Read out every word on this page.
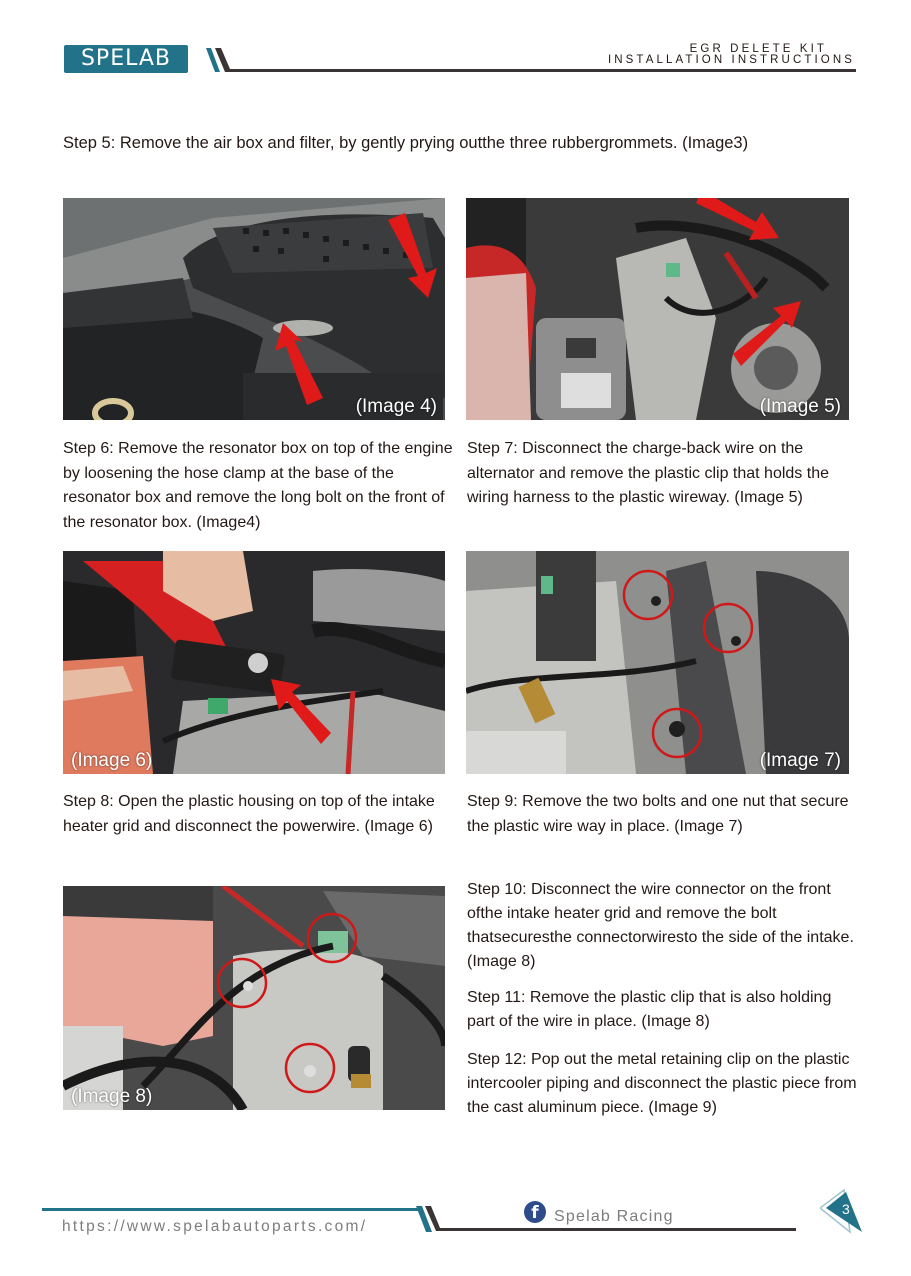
SPELAB	EGR DELETE KIT
INSTALLATION INSTRUCTIONS

Step 5: Remove the air box and filter, by gently prying outthe three rubbergrommets. (Image3)

(Image 4)	(Image 5)

Step 6: Remove the resonator box on top of the engine by loosening the hose clamp at the base of the resonator box and remove the long bolt on the front of the resonator box. (Image4)

Step 7: Disconnect the charge-back wire on the alternator and remove the plastic clip that holds the wiring harness to the plastic wireway. (Image 5)

(Image 6)	(Image 7)

Step 8: Open the plastic housing on top of the intake heater grid and disconnect the powerwire. (Image 6)

Step 9: Remove the two bolts and one nut that secure the plastic wire way in place. (Image 7)

(Image 8)

Step 10: Disconnect the wire connector on the front ofthe intake heater grid and remove the bolt thatsecuresthe connectorwiresto the side of the intake. (Image 8)

Step 11: Remove the plastic clip that is also holding part of the wire in place. (Image 8)

Step 12: Pop out the metal retaining clip on the plastic intercooler piping and disconnect the plastic piece from the cast aluminum piece. (Image 9)

https://www.spelabautoparts.com/
f Spelab Racing	3
